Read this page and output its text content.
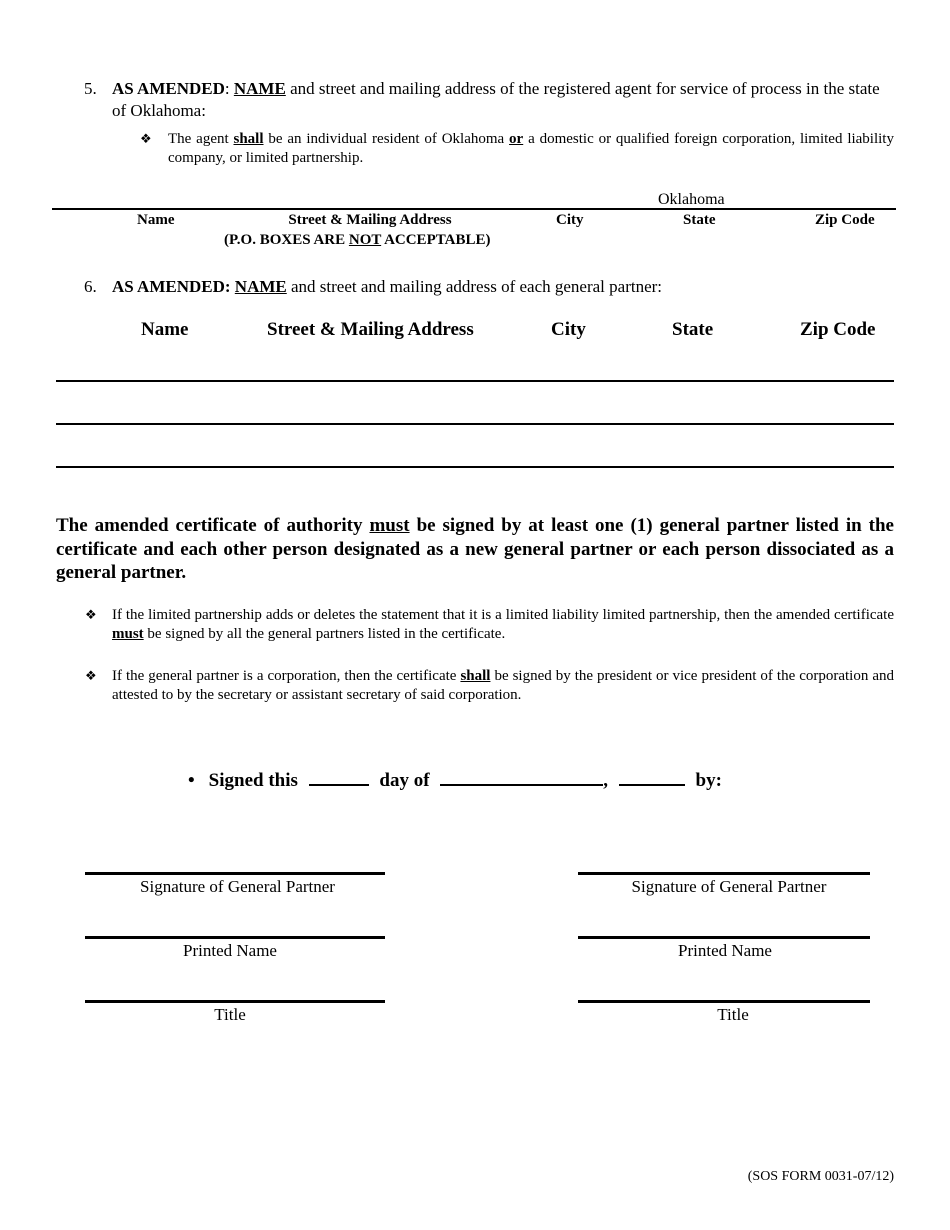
5. AS AMENDED: NAME and street and mailing address of the registered agent for service of process in the state of Oklahoma:
❖ The agent shall be an individual resident of Oklahoma or a domestic or qualified foreign corporation, limited liability company, or limited partnership.
Oklahoma
Name	Street & Mailing Address	City	State	Zip Code
(P.O. BOXES ARE NOT ACCEPTABLE)
6. AS AMENDED: NAME and street and mailing address of each general partner:
Name	Street & Mailing Address	City	State	Zip Code
The amended certificate of authority must be signed by at least one (1) general partner listed in the certificate and each other person designated as a new general partner or each person dissociated as a general partner.
❖ If the limited partnership adds or deletes the statement that it is a limited liability limited partnership, then the amended certificate must be signed by all the general partners listed in the certificate.
❖ If the general partner is a corporation, then the certificate shall be signed by the president or vice president of the corporation and attested to by the secretary or assistant secretary of said corporation.
• Signed this	day of	,	by:
Signature of General Partner
Printed Name
Title
Signature of General Partner
Printed Name
Title
(SOS FORM 0031-07/12)
